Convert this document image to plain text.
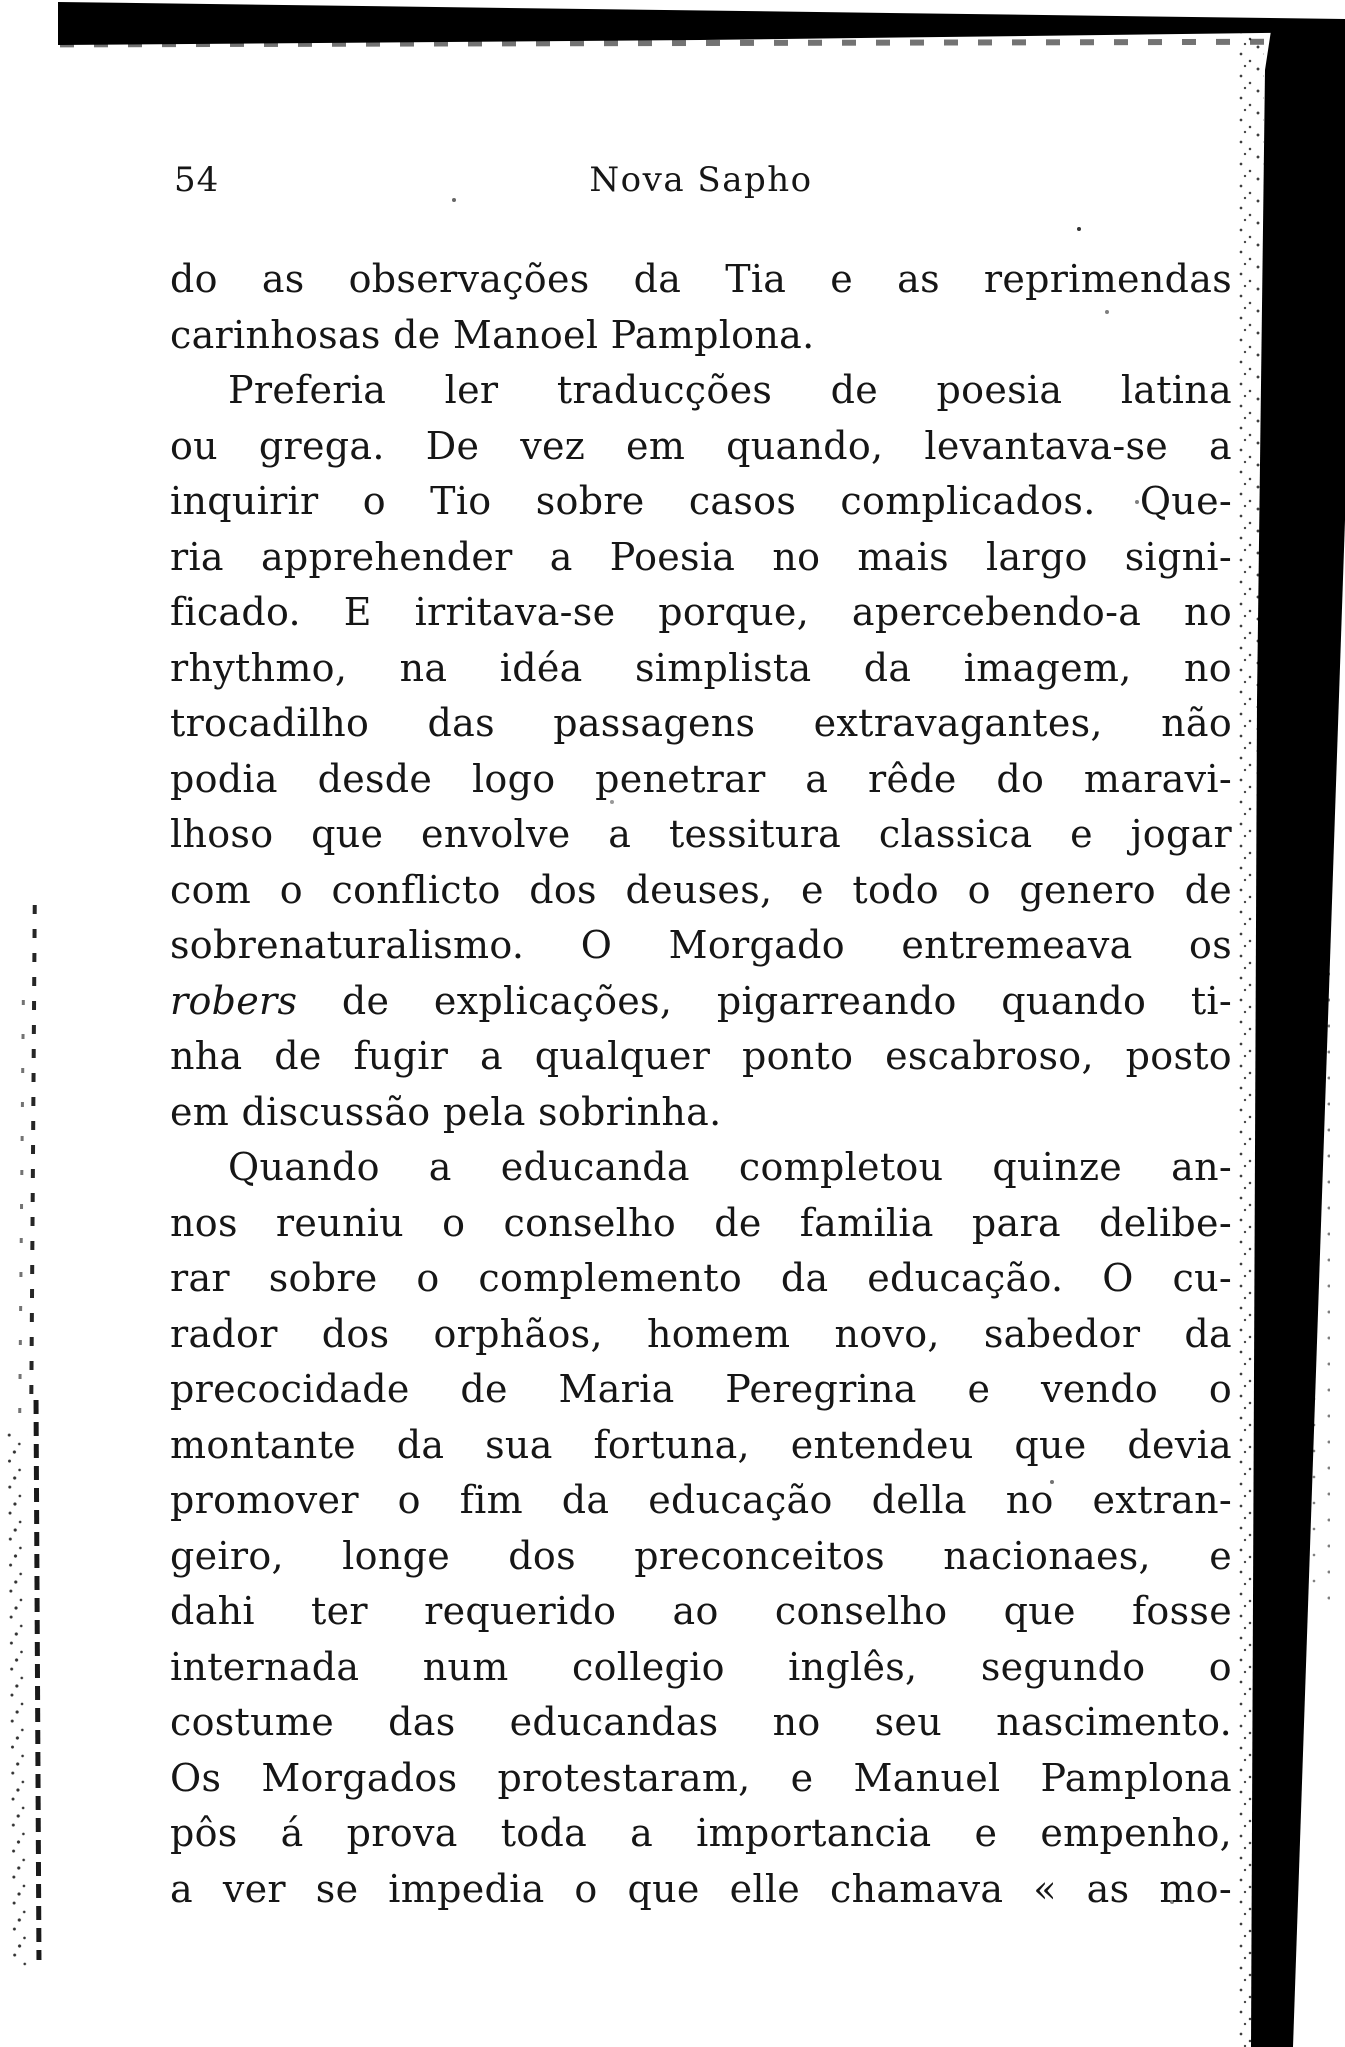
54	Nova Sapho
do as observações da Tia e as reprimendas
carinhosas de Manoel Pamplona.
Preferia ler traducções de poesia latina
ou grega. De vez em quando, levantava-se a
inquirir o Tio sobre casos complicados. Que-
ria apprehender a Poesia no mais largo signi-
ficado. E irritava-se porque, apercebendo-a no
rhythmo, na idéa simplista da imagem, no
trocadilho das passagens extravagantes, não
podia desde logo penetrar a rêde do maravi-
lhoso que envolve a tessitura classica e jogar
com o conflicto dos deuses, e todo o genero de
sobrenaturalismo. O Morgado entremeava os
robers de explicações, pigarreando quando ti-
nha de fugir a qualquer ponto escabroso, posto
em discussão pela sobrinha.
Quando a educanda completou quinze an-
nos reuniu o conselho de familia para delibe-
rar sobre o complemento da educação. O cu-
rador dos orphãos, homem novo, sabedor da
precocidade de Maria Peregrina e vendo o
montante da sua fortuna, entendeu que devia
promover o fim da educação della no extran-
geiro, longe dos preconceitos nacionaes, e
dahi ter requerido ao conselho que fosse
internada num collegio inglês, segundo o
costume das educandas no seu nascimento.
Os Morgados protestaram, e Manuel Pamplona
pôs á prova toda a importancia e empenho,
a ver se impedia o que elle chamava « as mo-
